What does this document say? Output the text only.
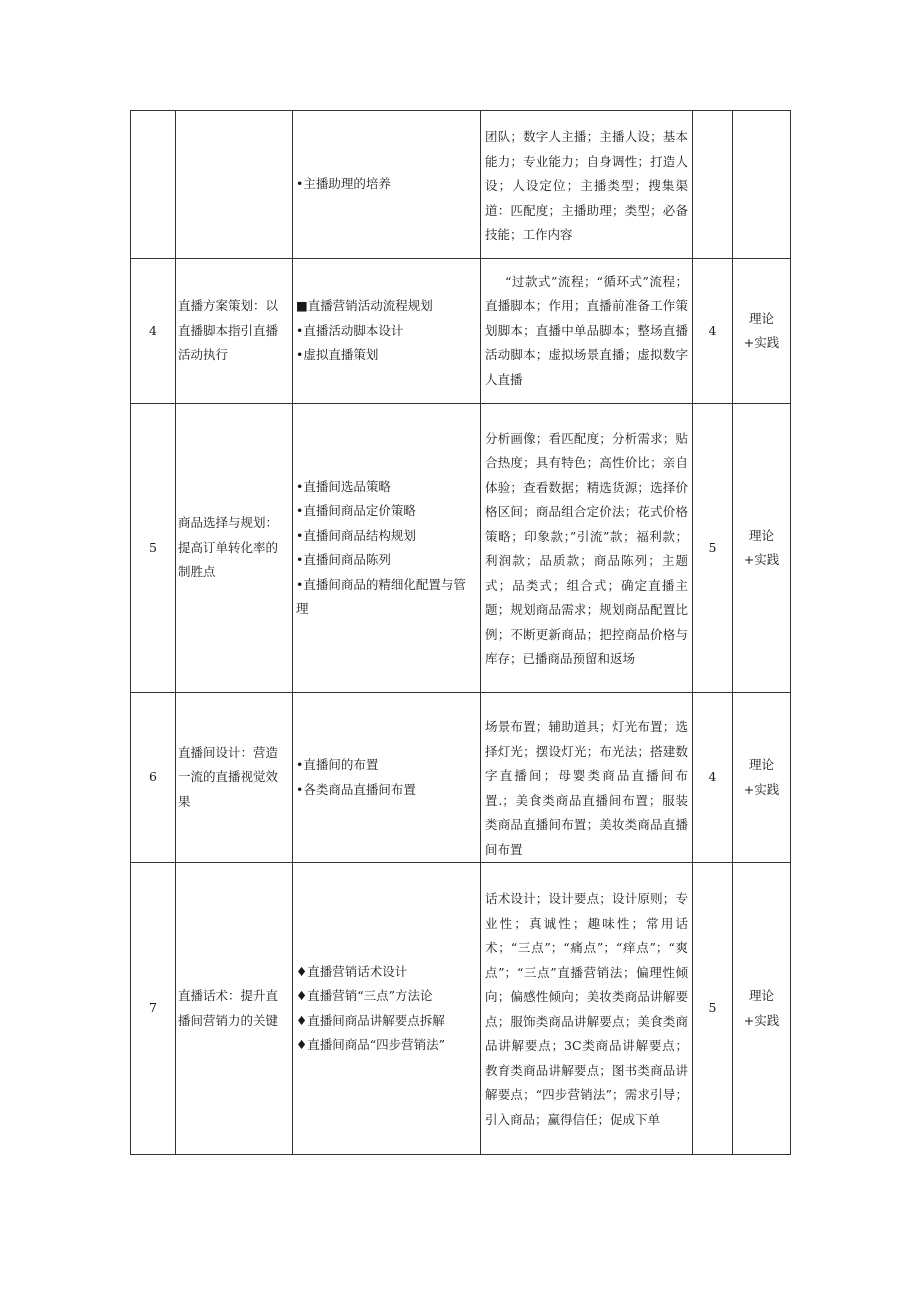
		•主播助理的培养	团队；数字人主播；主播人设；基本能力；专业能力；自身调性；打造人设；人设定位；主播类型；搜集渠道：匹配度；主播助理；类型；必备技能；工作内容		

4	直播方案策划：以直播脚本指引直播活动执行	■直播营销活动流程规划
•直播活动脚本设计
•虚拟直播策划	“过款式”流程；“循环式”流程；直播脚本；作用；直播前准备工作策划脚本；直播中单品脚本；整场直播活动脚本；虚拟场景直播；虚拟数字人直播	4	理论+实践
5	商品选择与规划：提高订单转化率的制胜点	•直播间选品策略
•直播间商品定价策略
•直播间商品结构规划
•直播间商品陈列
•直播间商品的精细化配置与管理	分析画像；看匹配度；分析需求；贴合热度；具有特色；高性价比；亲自体验；查看数据；精选货源；选择价格区间；商品组合定价法；花式价格策略；印象款；”引流”款；福利款；利润款；品质款；商品陈列；主题式；品类式；组合式；确定直播主题；规划商品需求；规划商品配置比例；不断更新商品；把控商品价格与库存；已播商品预留和返场	5	理论+实践
6	直播间设计：营造一流的直播视觉效果	•直播间的布置
•各类商品直播间布置	场景布置；辅助道具；灯光布置；选择灯光；摆设灯光；布光法；搭建数字直播间；母婴类商品直播间布置.；美食类商品直播间布置；服装类商品直播间布置；美妆类商品直播间布置	4	理论+实践
7	直播话术：提升直播间营销力的关键	♦直播营销话术设计
♦直播营销“三点”方法论
♦直播间商品讲解要点拆解
♦直播间商品“四步营销法”	话术设计；设计要点；设计原则；专业性；真诚性；趣味性；常用话术；“三点”；“痛点”；“痒点”；“爽点”；“三点”直播营销法；偏理性倾向；偏感性倾向；美妆类商品讲解要点；服饰类商品讲解要点；美食类商品讲解要点；3C类商品讲解要点；教育类商品讲解要点；图书类商品讲解要点；“四步营销法”；需求引导；引入商品；赢得信任；促成下单	5	理论+实践
